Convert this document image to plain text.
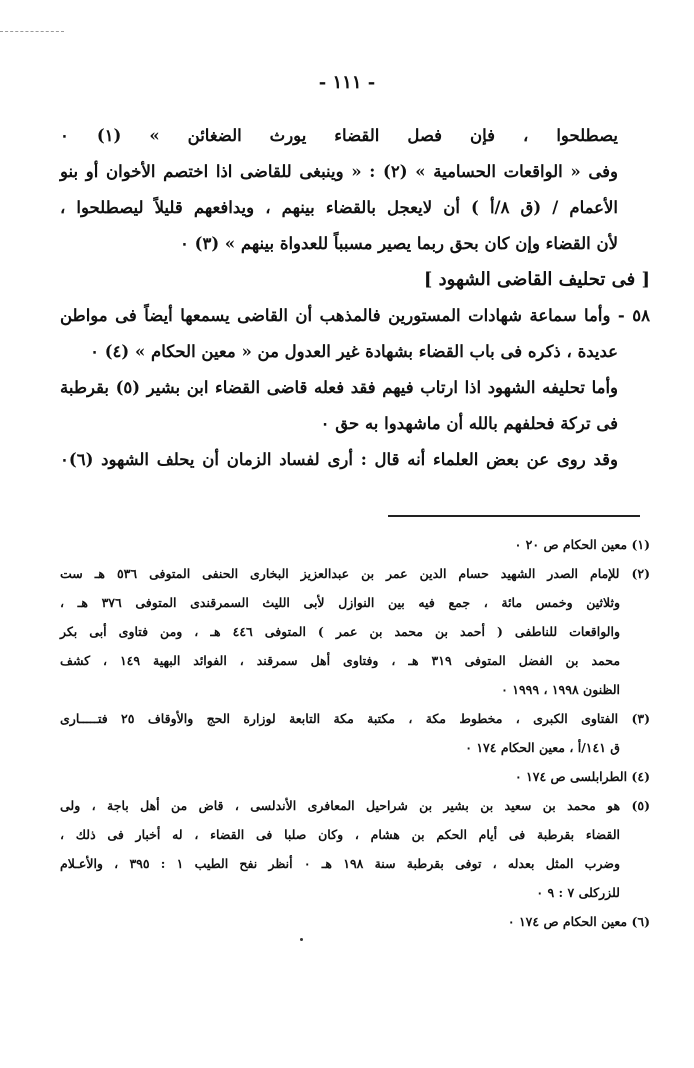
- ١١١ -
يصطلحوا ، فإن فصل القضاء يورث الضغائن » (١) ٠
وفى « الواقعات الحسامية » (٢) : « وينبغى للقاضى اذا اختصم الأخوان أو بنو
الأعمام / (ق ٨/أ ) أن لايعجل بالقضاء بينهم ، ويدافعهم قليلاً ليصطلحوا ،
لأن القضاء وإن كان بحق ربما يصير مسبباً للعدواة بينهم » (٣) ٠
[ فى تحليف القاضى الشهود ]
٥٨ - وأما سماعة شهادات المستورين فالمذهب أن القاضى يسمعها أيضاً فى مواطن
عديدة ، ذكره فى باب القضاء بشهادة غير العدول من « معين الحكام » (٤) ٠
وأما تحليفه الشهود اذا ارتاب فيهم فقد فعله قاضى القضاء ابن بشير (٥) بقرطبة
فى تركة فحلفهم بالله أن ماشهدوا به حق ٠
وقد روى عن بعض العلماء أنه قال : أرى لفساد الزمان أن يحلف الشهود (٦)٠
(١) معين الحكام ص ٢٠ ٠
(٢) للإمام الصدر الشهيد حسام الدين عمر بن عبدالعزيز البخارى الحنفى المتوفى ٥٣٦ هـ ست
وثلاثين وخمس مائة ، جمع فيه بين النوازل لأبى الليث السمرقندى المتوفى ٣٧٦ هـ ،
والواقعات للناطفى ( أحمد بن محمد بن عمر ) المتوفى ٤٤٦ هـ ، ومن فتاوى أبى بكر
محمد بن الفضل المتوفى ٣١٩ هـ ، وفتاوى أهل سمرقند ، الفوائد البهية ١٤٩ ، كشف
الظنون ١٩٩٨ ، ١٩٩٩ ٠
(٣) الفتاوى الكبرى ، مخطوط مكة ، مكتبة مكة التابعة لوزارة الحج والأوقاف ٢٥ فتـــــارى
ق ١٤١/أ ، معين الحكام ١٧٤ ٠
(٤) الطرابلسى ص ١٧٤ ٠
(٥) هو محمد بن سعيد بن بشير بن شراحيل المعافرى الأندلسى ، قاض من أهل باجة ، ولى
القضاء بقرطبة فى أيام الحكم بن هشام ، وكان صلبا فى القضاء ، له أخبار فى ذلك ،
وضرب المثل بعدله ، توفى بقرطبة سنة ١٩٨ هـ ٠ أنظر نفح الطيب ١ : ٣٩٥ ، والأعـلام
للزركلى ٧ : ٩ ٠
(٦) معين الحكام ص ١٧٤ ٠
